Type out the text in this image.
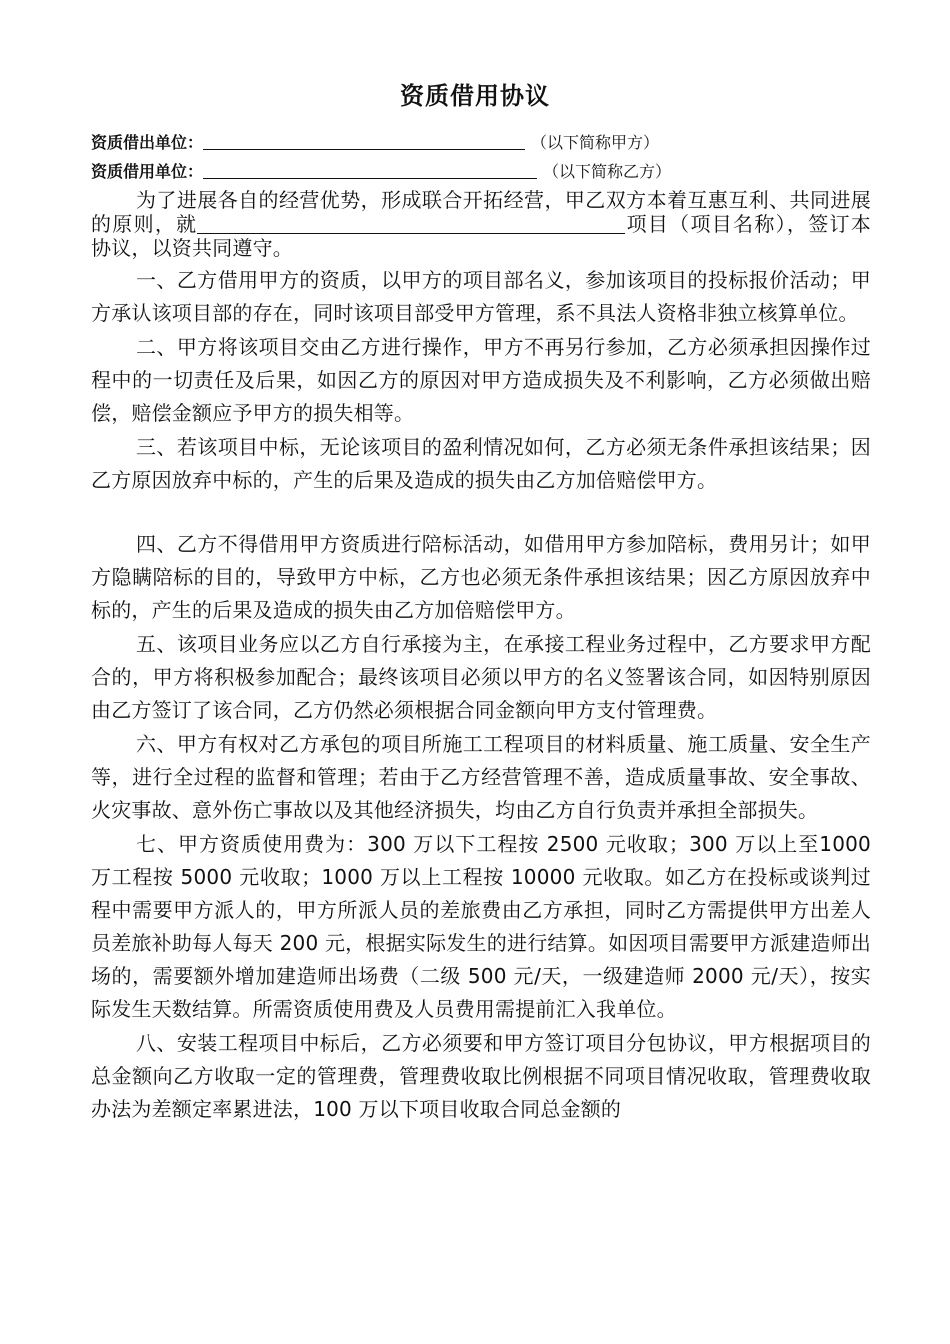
资质借用协议
资质借出单位：	（以下简称甲方）
资质借用单位：	（以下简称乙方）

为了进展各自的经营优势，形成联合开拓经营，甲乙双方本着互惠互利、共同进展的原则，就	项目（项目名称），签订本协议，以资共同遵守。

一、乙方借用甲方的资质，以甲方的项目部名义，参加该项目的投标报价活动；甲方承认该项目部的存在，同时该项目部受甲方管理，系不具法人资格非独立核算单位。

二、甲方将该项目交由乙方进行操作，甲方不再另行参加，乙方必须承担因操作过程中的一切责任及后果，如因乙方的原因对甲方造成损失及不利影响，乙方必须做出赔偿，赔偿金额应予甲方的损失相等。

三、若该项目中标，无论该项目的盈利情况如何，乙方必须无条件承担该结果；因乙方原因放弃中标的，产生的后果及造成的损失由乙方加倍赔偿甲方。

四、乙方不得借用甲方资质进行陪标活动，如借用甲方参加陪标，费用另计；如甲方隐瞒陪标的目的，导致甲方中标，乙方也必须无条件承担该结果；因乙方原因放弃中标的，产生的后果及造成的损失由乙方加倍赔偿甲方。

五、该项目业务应以乙方自行承接为主，在承接工程业务过程中，乙方要求甲方配合的，甲方将积极参加配合；最终该项目必须以甲方的名义签署该合同，如因特别原因由乙方签订了该合同，乙方仍然必须根据合同金额向甲方支付管理费。

六、甲方有权对乙方承包的项目所施工工程项目的材料质量、施工质量、安全生产等，进行全过程的监督和管理；若由于乙方经营管理不善，造成质量事故、安全事故、火灾事故、意外伤亡事故以及其他经济损失，均由乙方自行负责并承担全部损失。

七、甲方资质使用费为：300 万以下工程按 2500 元收取；300 万以上至1000 万工程按 5000 元收取；1000 万以上工程按 10000 元收取。如乙方在投标或谈判过程中需要甲方派人的，甲方所派人员的差旅费由乙方承担，同时乙方需提供甲方出差人员差旅补助每人每天 200 元，根据实际发生的进行结算。如因项目需要甲方派建造师出场的，需要额外增加建造师出场费（二级 500 元/天，一级建造师 2000 元/天），按实际发生天数结算。所需资质使用费及人员费用需提前汇入我单位。

八、安装工程项目中标后，乙方必须要和甲方签订项目分包协议，甲方根据项目的总金额向乙方收取一定的管理费，管理费收取比例根据不同项目情况收取，管理费收取办法为差额定率累进法，100 万以下项目收取合同总金额的
